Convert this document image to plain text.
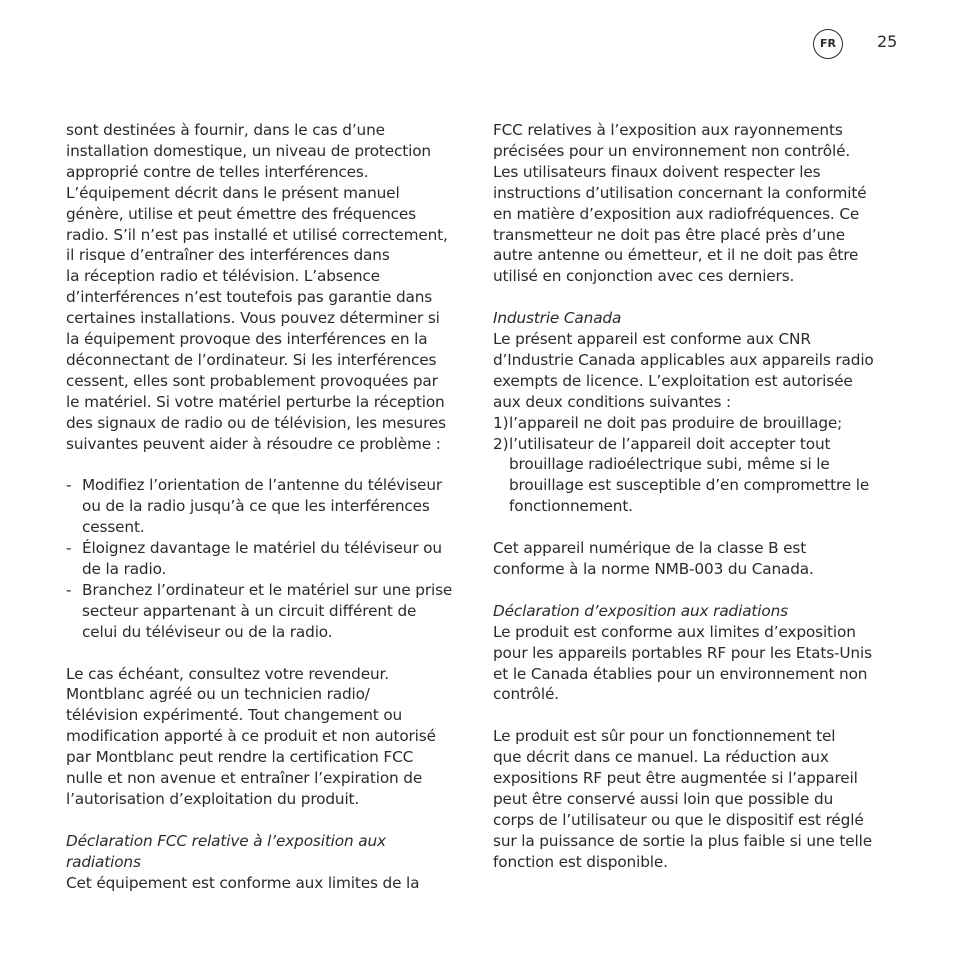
FR	25
sont destinées à fournir, dans le cas d’une
installation domestique, un niveau de protection
approprié contre de telles interférences.
L’équipement décrit dans le présent manuel
génère, utilise et peut émettre des fréquences
radio. S’il n’est pas installé et utilisé correctement,
il risque d’entraîner des interférences dans
la réception radio et télévision. L’absence
d’interférences n’est toutefois pas garantie dans
certaines installations. Vous pouvez déterminer si
la équipement provoque des interférences en la
déconnectant de l’ordinateur. Si les interférences
cessent, elles sont probablement provoquées par
le matériel. Si votre matériel perturbe la réception
des signaux de radio ou de télévision, les mesures
suivantes peuvent aider à résoudre ce problème :
- Modifiez l’orientation de l’antenne du téléviseur
ou de la radio jusqu’à ce que les interférences
cessent.
- Éloignez davantage le matériel du téléviseur ou
de la radio.
- Branchez l’ordinateur et le matériel sur une prise
secteur appartenant à un circuit différent de
celui du téléviseur ou de la radio.
Le cas échéant, consultez votre revendeur.
Montblanc agréé ou un technicien radio/
télévision expérimenté. Tout changement ou
modification apporté à ce produit et non autorisé
par Montblanc peut rendre la certification FCC
nulle et non avenue et entraîner l’expiration de
l’autorisation d’exploitation du produit.
Déclaration FCC relative à l’exposition aux
radiations
Cet équipement est conforme aux limites de la
FCC relatives à l’exposition aux rayonnements
précisées pour un environnement non contrôlé.
Les utilisateurs finaux doivent respecter les
instructions d’utilisation concernant la conformité
en matière d’exposition aux radiofréquences. Ce
transmetteur ne doit pas être placé près d’une
autre antenne ou émetteur, et il ne doit pas être
utilisé en conjonction avec ces derniers.
Industrie Canada
Le présent appareil est conforme aux CNR
d’Industrie Canada applicables aux appareils radio
exempts de licence. L’exploitation est autorisée
aux deux conditions suivantes :
1) l’appareil ne doit pas produire de brouillage;
2) l’utilisateur de l’appareil doit accepter tout
brouillage radioélectrique subi, même si le
brouillage est susceptible d’en compromettre le
fonctionnement.
Cet appareil numérique de la classe B est
conforme à la norme NMB-003 du Canada.
Déclaration d’exposition aux radiations
Le produit est conforme aux limites d’exposition
pour les appareils portables RF pour les Etats-Unis
et le Canada établies pour un environnement non
contrôlé.
Le produit est sûr pour un fonctionnement tel
que décrit dans ce manuel. La réduction aux
expositions RF peut être augmentée si l’appareil
peut être conservé aussi loin que possible du
corps de l’utilisateur ou que le dispositif est réglé
sur la puissance de sortie la plus faible si une telle
fonction est disponible.
